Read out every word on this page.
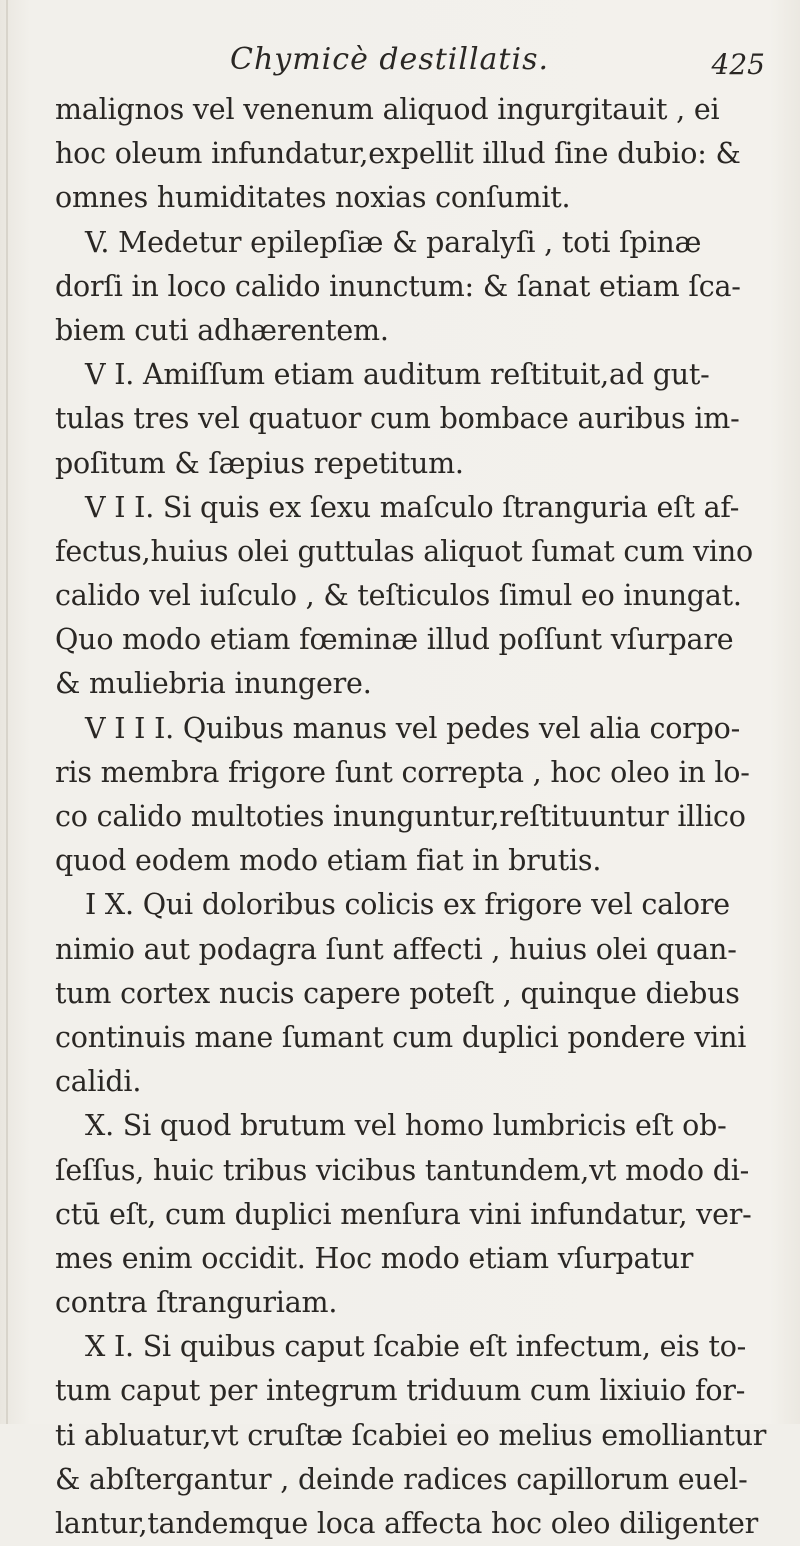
Chymicè destillatis.	425
malignos vel venenum aliquod ingurgitauit , ei
hoc oleum infundatur,expellit illud ſine dubio: &
omnes humiditates noxias conſumit.
V. Medetur epilepſiæ & paralyſi , toti ſpinæ
dorſi in loco calido inunctum: & ſanat etiam ſca-
biem cuti adhærentem.
V I. Amiſſum etiam auditum reſtituit,ad gut-
tulas tres vel quatuor cum bombace auribus im-
poſitum & ſæpius repetitum.
V I I. Si quis ex ſexu maſculo ſtranguria eſt af-
fectus,huius olei guttulas aliquot ſumat cum vino
calido vel iuſculo , & teſticulos ſimul eo inungat.
Quo modo etiam fœminæ illud poſſunt vſurpare
& muliebria inungere.
V I I I. Quibus manus vel pedes vel alia corpo-
ris membra frigore ſunt correpta , hoc oleo in lo-
co calido multoties inunguntur,reſtituuntur illico
quod eodem modo etiam fiat in brutis.
I X. Qui doloribus colicis ex frigore vel calore
nimio aut podagra ſunt affecti , huius olei quan-
tum cortex nucis capere poteſt , quinque diebus
continuis mane ſumant cum duplici pondere vini
calidi.
X. Si quod brutum vel homo lumbricis eſt ob-
ſeſſus, huic tribus vicibus tantundem,vt modo di-
ctū eſt, cum duplici menſura vini infundatur, ver-
mes enim occidit. Hoc modo etiam vſurpatur
contra ſtranguriam.
X I. Si quibus caput ſcabie eſt infectum, eis to-
tum caput per integrum triduum cum lixiuio for-
ti abluatur,vt cruſtæ ſcabiei eo melius emolliantur
& abſtergantur , deinde radices capillorum euel-
lantur,tandemque loca affecta hoc oleo diligenter
